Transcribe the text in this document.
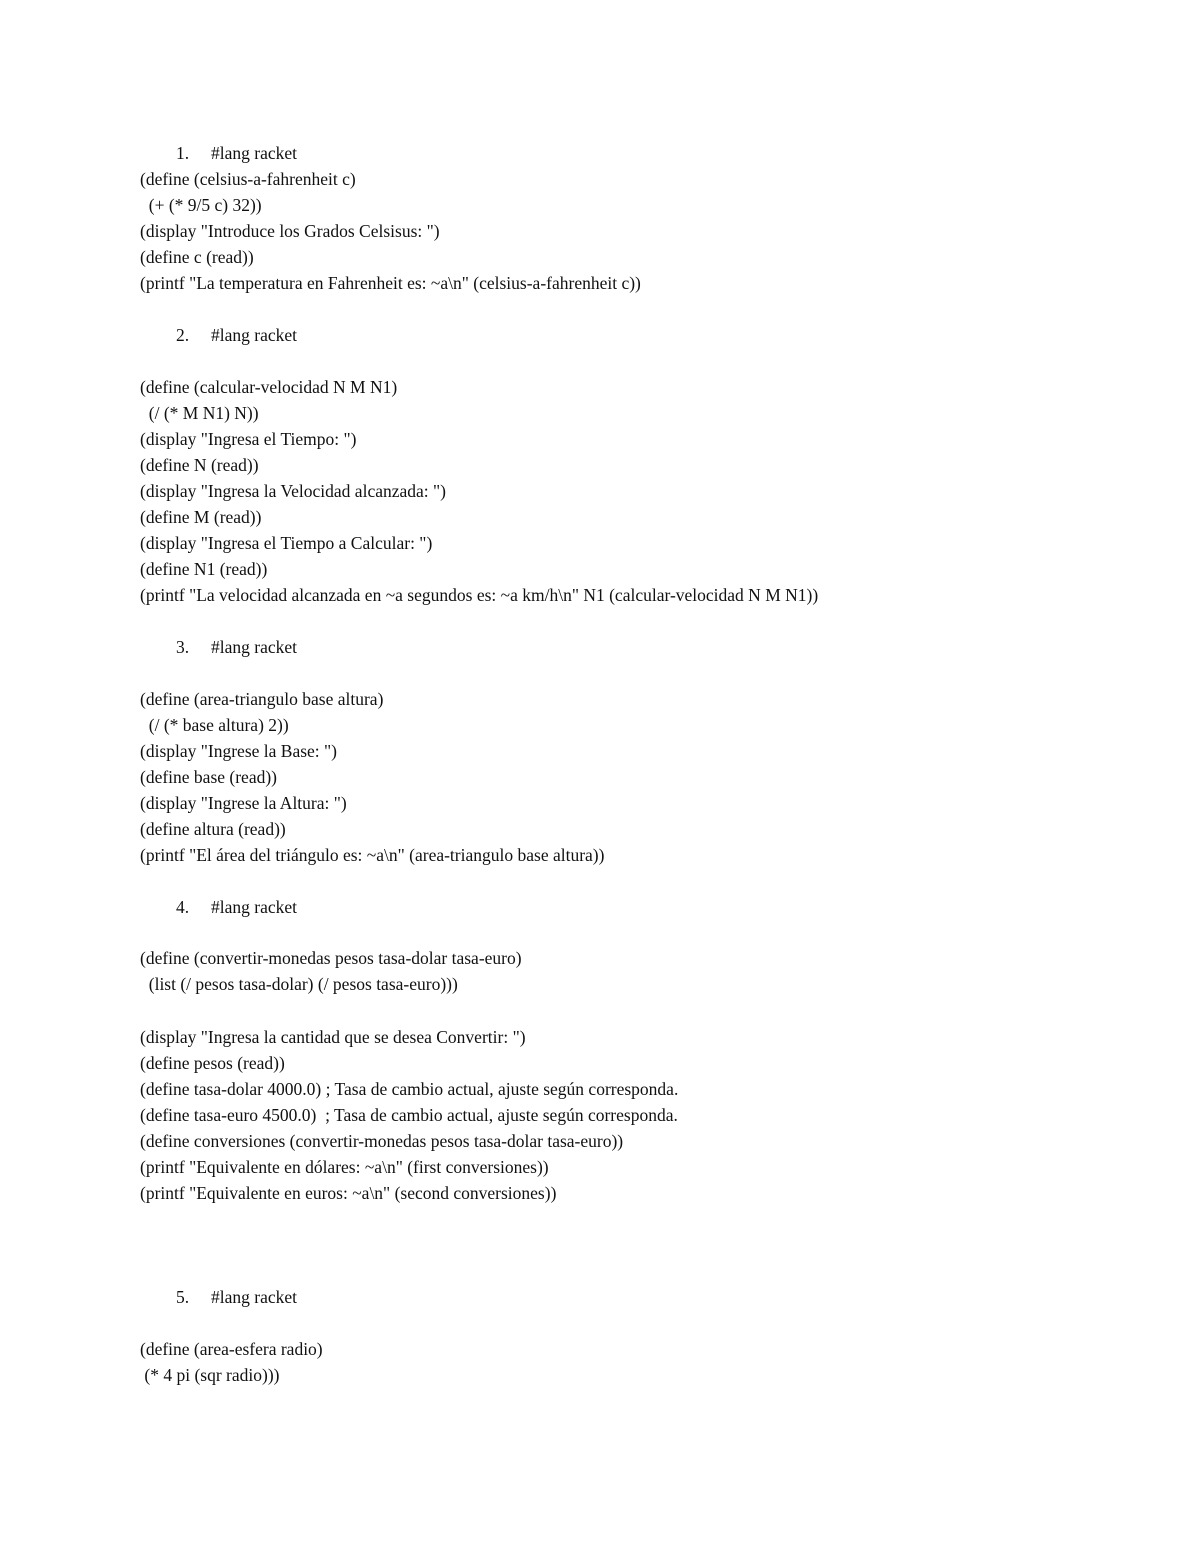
1. #lang racket
(define (celsius-a-fahrenheit c)
(+ (* 9/5 c) 32))
(display "Introduce los Grados Celsisus: ")
(define c (read))
(printf "La temperatura en Fahrenheit es: ~a\n" (celsius-a-fahrenheit c))
2. #lang racket
(define (calcular-velocidad N M N1)
(/ (* M N1) N))
(display "Ingresa el Tiempo: ")
(define N (read))
(display "Ingresa la Velocidad alcanzada: ")
(define M (read))
(display "Ingresa el Tiempo a Calcular: ")
(define N1 (read))
(printf "La velocidad alcanzada en ~a segundos es: ~a km/h\n" N1 (calcular-velocidad N M N1))
3. #lang racket
(define (area-triangulo base altura)
(/ (* base altura) 2))
(display "Ingrese la Base: ")
(define base (read))
(display "Ingrese la Altura: ")
(define altura (read))
(printf "El área del triángulo es: ~a\n" (area-triangulo base altura))
4. #lang racket
(define (convertir-monedas pesos tasa-dolar tasa-euro)
(list (/ pesos tasa-dolar) (/ pesos tasa-euro)))
(display "Ingresa la cantidad que se desea Convertir: ")
(define pesos (read))
(define tasa-dolar 4000.0) ; Tasa de cambio actual, ajuste según corresponda.
(define tasa-euro 4500.0)  ; Tasa de cambio actual, ajuste según corresponda.
(define conversiones (convertir-monedas pesos tasa-dolar tasa-euro))
(printf "Equivalente en dólares: ~a\n" (first conversiones))
(printf "Equivalente en euros: ~a\n" (second conversiones))
5. #lang racket
(define (area-esfera radio)
(* 4 pi (sqr radio)))
